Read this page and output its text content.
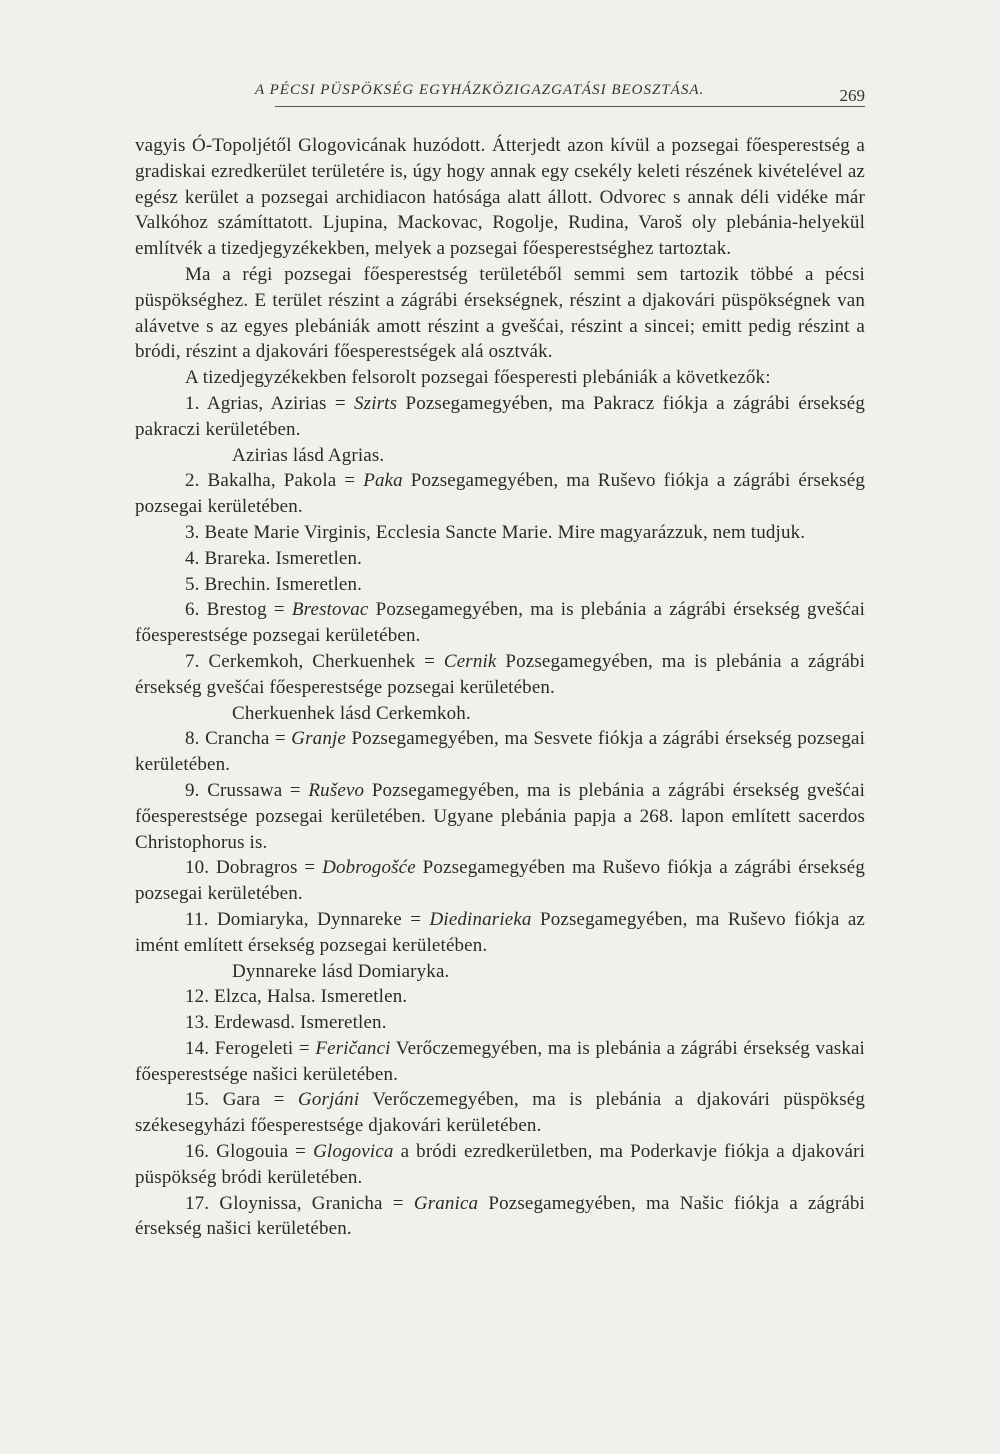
A PÉCSI PÜSPÖKSÉG EGYHÁZKÖZIGAZGATÁSI BEOSZTÁSA.	269

vagyis Ó-Topoljétől Glogovicának huzódott. Átterjedt azon kívül a pozsegai főesperestség a gradiskai ezredkerület területére is, úgy hogy annak egy csekély keleti részének kivételével az egész kerület a pozsegai archidiacon hatósága alatt állott. Odvorec s annak déli vidéke már Valkóhoz számíttatott. Ljupina, Mackovac, Rogolje, Rudina, Varoš oly plebánia-helyekül említvék a tizedjegyzékekben, melyek a pozsegai főesperestséghez tartoztak.

Ma a régi pozsegai főesperestség területéből semmi sem tartozik többé a pécsi püspökséghez. E terület részint a zágrábi érsekségnek, részint a djakovári püspökségnek van alávetve s az egyes plebániák amott részint a gvešćai, részint a sincei; emitt pedig részint a bródi, részint a djakovári főesperestségek alá osztvák.

A tizedjegyzékekben felsorolt pozsegai főesperesti plebániák a következők:

1. Agrias, Azirias = Szirts Pozsegamegyében, ma Pakracz fiókja a zágrábi érsekség pakraczi kerületében.

Azirias lásd Agrias.

2. Bakalha, Pakola = Paka Pozsegamegyében, ma Ruševo fiókja a zágrábi érsekség pozsegai kerületében.

3. Beate Marie Virginis, Ecclesia Sancte Marie. Mire magyarázzuk, nem tudjuk.

4. Brareka. Ismeretlen.

5. Brechin. Ismeretlen.

6. Brestog = Brestovac Pozsegamegyében, ma is plebánia a zágrábi érsekség gvešćai főesperestsége pozsegai kerületében.

7. Cerkemkoh, Cherkuenhek = Cernik Pozsegamegyében, ma is plebánia a zágrábi érsekség gvešćai főesperestsége pozsegai kerületében.

Cherkuenhek lásd Cerkemkoh.

8. Crancha = Granje Pozsegamegyében, ma Sesvete fiókja a zágrábi érsekség pozsegai kerületében.

9. Crussawa = Ruševo Pozsegamegyében, ma is plebánia a zágrábi érsekség gvešćai főesperestsége pozsegai kerületében. Ugyane plebánia papja a 268. lapon említett sacerdos Christophorus is.

10. Dobragros = Dobrogošće Pozsegamegyében ma Ruševo fiókja a zágrábi érsekség pozsegai kerületében.

11. Domiaryka, Dynnareke = Diedinarieka Pozsegamegyében, ma Ruševo fiókja az imént említett érsekség pozsegai kerületében.

Dynnareke lásd Domiaryka.

12. Elzca, Halsa. Ismeretlen.

13. Erdewasd. Ismeretlen.

14. Ferogeleti = Feričanci Verőczemegyében, ma is plebánia a zágrábi érsekség vaskai főesperestsége našici kerületében.

15. Gara = Gorjáni Verőczemegyében, ma is plebánia a djakovári püspökség székesegyházi főesperestsége djakovári kerületében.

16. Glogouia = Glogovica a bródi ezredkerületben, ma Poderkavje fiókja a djakovári püspökség bródi kerületében.

17. Gloynissa, Granicha = Granica Pozsegamegyében, ma Našic fiókja a zágrábi érsekség našici kerületében.
